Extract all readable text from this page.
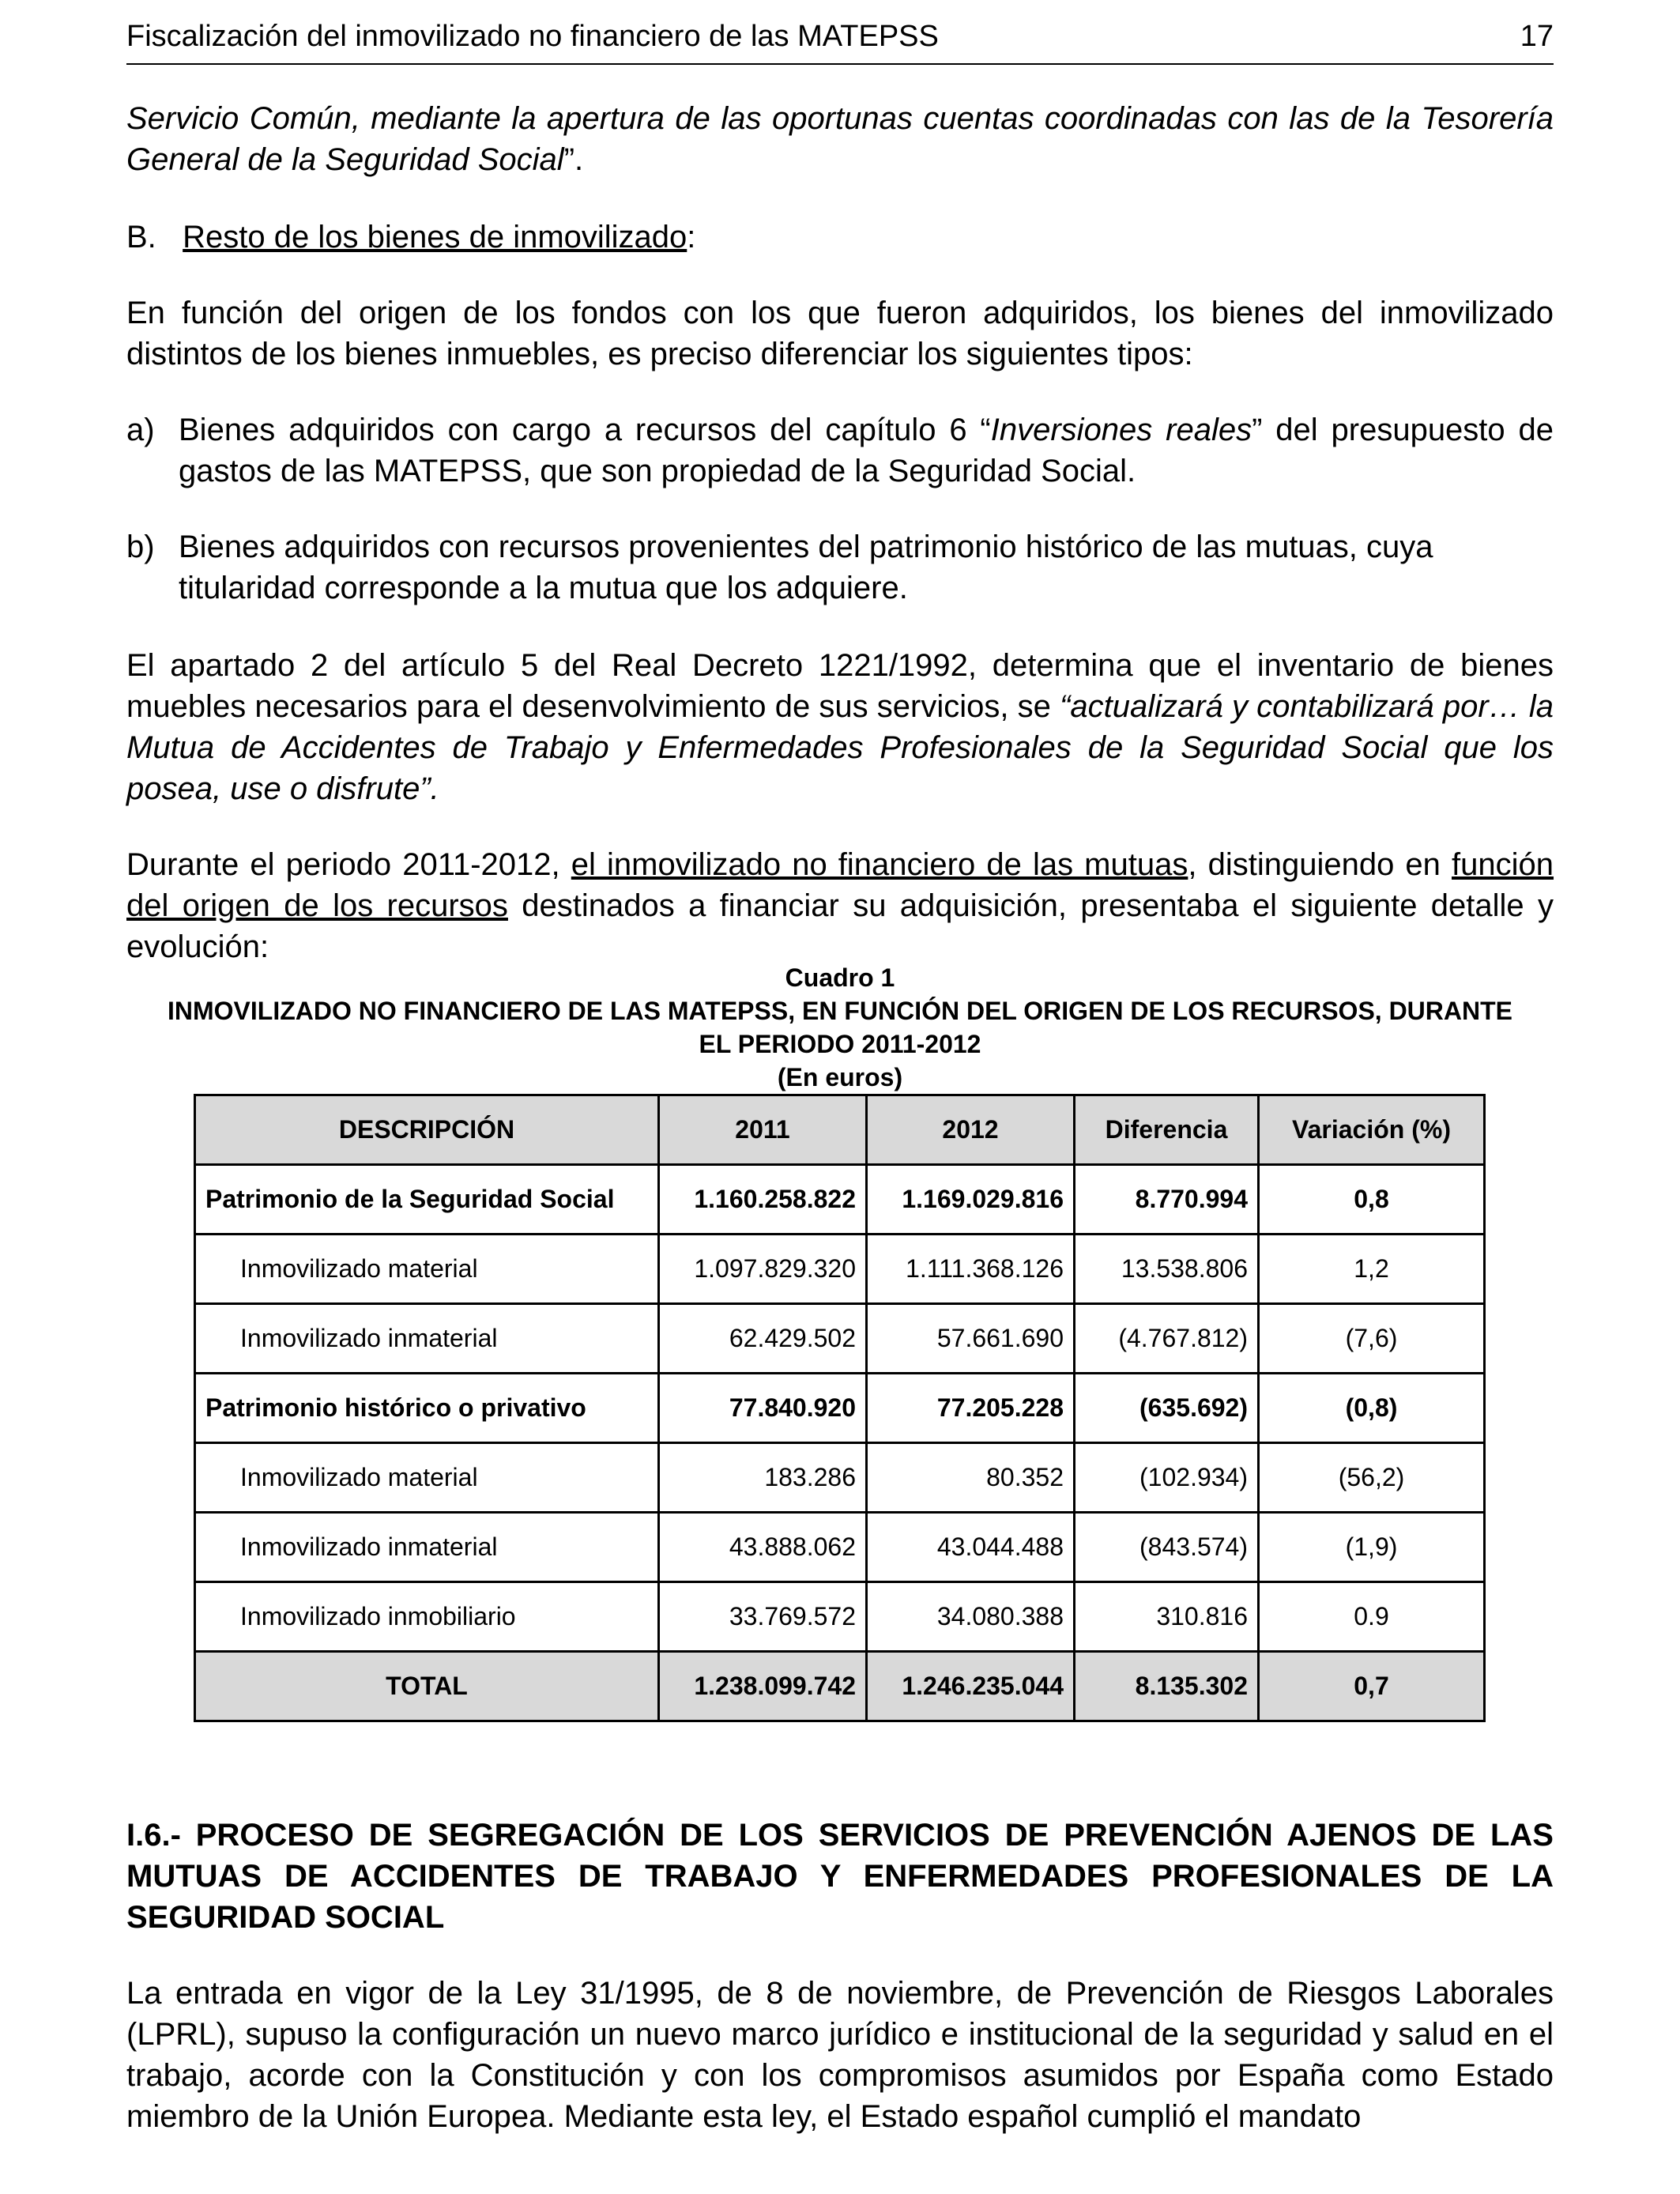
Fiscalización del inmovilizado no financiero de las MATEPSS	17

Servicio Común, mediante la apertura de las oportunas cuentas coordinadas con las de la Tesorería General de la Seguridad Social”.

B. Resto de los bienes de inmovilizado:

En función del origen de los fondos con los que fueron adquiridos, los bienes del inmovilizado distintos de los bienes inmuebles, es preciso diferenciar los siguientes tipos:

a) Bienes adquiridos con cargo a recursos del capítulo 6 “Inversiones reales” del presupuesto de gastos de las MATEPSS, que son propiedad de la Seguridad Social.
b) Bienes adquiridos con recursos provenientes del patrimonio histórico de las mutuas, cuya titularidad corresponde a la mutua que los adquiere.

El apartado 2 del artículo 5 del Real Decreto 1221/1992, determina que el inventario de bienes muebles necesarios para el desenvolvimiento de sus servicios, se “actualizará y contabilizará por… la Mutua de Accidentes de Trabajo y Enfermedades Profesionales de la Seguridad Social que los posea, use o disfrute”.

Durante el periodo 2011-2012, el inmovilizado no financiero de las mutuas, distinguiendo en función del origen de los recursos destinados a financiar su adquisición, presentaba el siguiente detalle y evolución:

Cuadro 1
INMOVILIZADO NO FINANCIERO DE LAS MATEPSS, EN FUNCIÓN DEL ORIGEN DE LOS RECURSOS, DURANTE
EL PERIODO 2011-2012
(En euros)
DESCRIPCIÓN	2011	2012	Diferencia	Variación (%)
Patrimonio de la Seguridad Social	1.160.258.822	1.169.029.816	8.770.994	0,8
Inmovilizado material	1.097.829.320	1.111.368.126	13.538.806	1,2
Inmovilizado inmaterial	62.429.502	57.661.690	(4.767.812)	(7,6)
Patrimonio histórico o privativo	77.840.920	77.205.228	(635.692)	(0,8)
Inmovilizado material	183.286	80.352	(102.934)	(56,2)
Inmovilizado inmaterial	43.888.062	43.044.488	(843.574)	(1,9)
Inmovilizado inmobiliario	33.769.572	34.080.388	310.816	0.9
TOTAL	1.238.099.742	1.246.235.044	8.135.302	0,7
I.6.- PROCESO DE SEGREGACIÓN DE LOS SERVICIOS DE PREVENCIÓN AJENOS DE LAS MUTUAS DE ACCIDENTES DE TRABAJO Y ENFERMEDADES PROFESIONALES DE LA SEGURIDAD SOCIAL

La entrada en vigor de la Ley 31/1995, de 8 de noviembre, de Prevención de Riesgos Laborales (LPRL), supuso la configuración un nuevo marco jurídico e institucional de la seguridad y salud en el trabajo, acorde con la Constitución y con los compromisos asumidos por España como Estado miembro de la Unión Europea. Mediante esta ley, el Estado español cumplió el mandato
